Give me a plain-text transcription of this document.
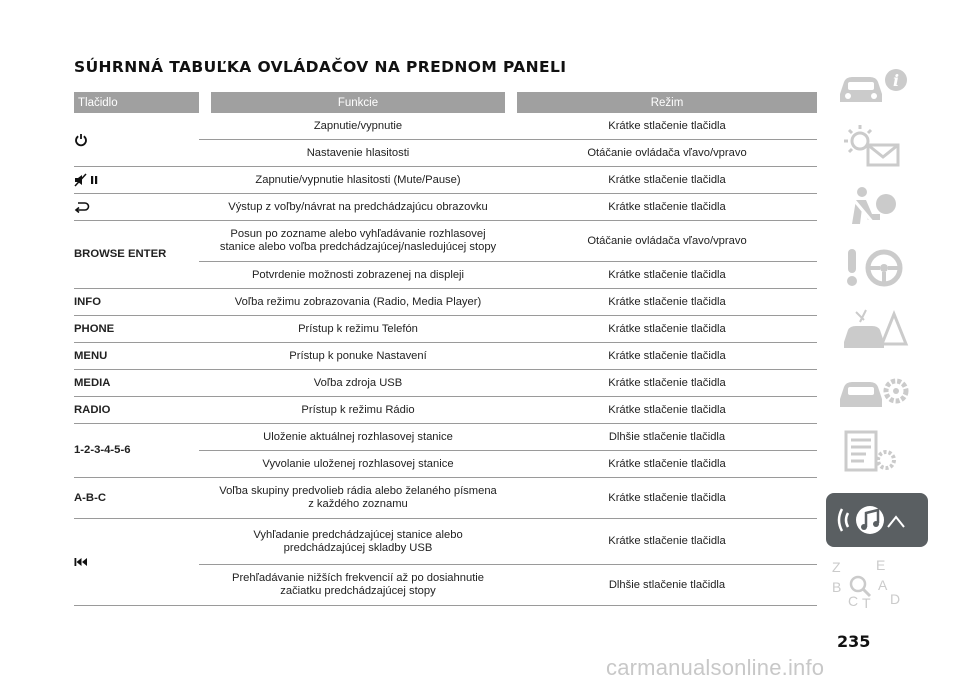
SÚHRNNÁ TABUĽKA OVLÁDAČOV NA PREDNOM PANELI
Tlačidlo		Funkcie		Režim

		Zapnutie/vypnutie		Krátke stlačenie tlačidla
		Nastavenie hlasitosti		Otáčanie ovládača vľavo/vpravo

		Zapnutie/vypnutie hlasitosti (Mute/Pause)		Krátke stlačenie tlačidla

		Výstup z voľby/návrat na predchádzajúcu obrazovku		Krátke stlačenie tlačidla
BROWSE ENTER		Posun po zozname alebo vyhľadávanie rozhlasovej
stanice alebo voľba predchádzajúcej/nasledujúcej stopy		Otáčanie ovládača vľavo/vpravo
		Potvrdenie možnosti zobrazenej na displeji		Krátke stlačenie tlačidla
INFO		Voľba režimu zobrazovania (Radio, Media Player)		Krátke stlačenie tlačidla
PHONE		Prístup k režimu Telefón		Krátke stlačenie tlačidla
MENU		Prístup k ponuke Nastavení		Krátke stlačenie tlačidla
MEDIA		Voľba zdroja USB		Krátke stlačenie tlačidla
RADIO		Prístup k režimu Rádio		Krátke stlačenie tlačidla
1-2-3-4-5-6		Uloženie aktuálnej rozhlasovej stanice		Dlhšie stlačenie tlačidla
		Vyvolanie uloženej rozhlasovej stanice		Krátke stlačenie tlačidla
A-B-C		Voľba skupiny predvolieb rádia alebo želaného písmena
z každého zoznamu		Krátke stlačenie tlačidla

		Vyhľadanie predchádzajúcej stanice alebo
predchádzajúcej skladby USB		Krátke stlačenie tlačidla
		Prehľadávanie nižších frekvencií až po dosiahnutie
začiatku predchádzajúcej stopy		Dlhšie stlačenie tlačidla
i
Z	E
B	A
C T D
235
carmanualsonline.info
